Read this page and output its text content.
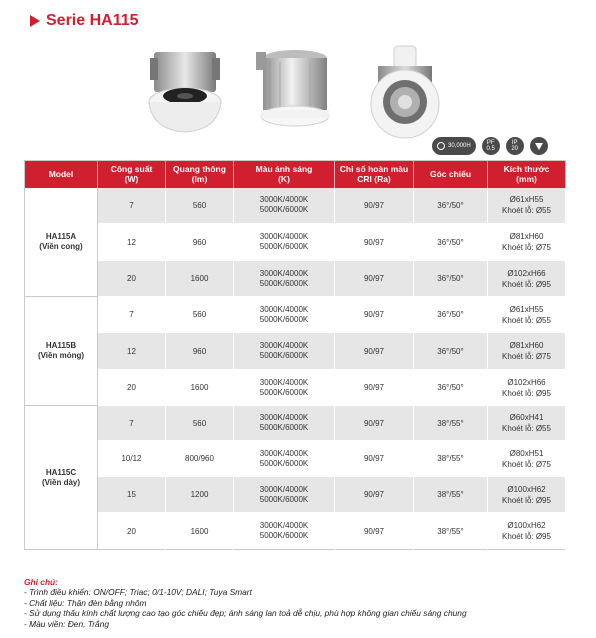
Serie HA115
30,000H	PF
0.5
IP
20
Model	Công suất
(W)	Quang thông
(lm)	Màu ánh sáng
(K)	Chỉ số hoàn màu
CRI (Ra)	Góc chiếu	Kích thước
(mm)
HA115A
(Viền cong)	7	560	3000K/4000K
5000K/6000K	90/97	36°/50°	Ø61xH55
Khoét lỗ: Ø55
	12	960	3000K/4000K
5000K/6000K	90/97	36°/50°	Ø81xH60
Khoét lỗ: Ø75
	20	1600	3000K/4000K
5000K/6000K	90/97	36°/50°	Ø102xH66
Khoét lỗ: Ø95
HA115B
(Viền mỏng)	7	560	3000K/4000K
5000K/6000K	90/97	36°/50°	Ø61xH55
Khoét lỗ: Ø55
	12	960	3000K/4000K
5000K/6000K	90/97	36°/50°	Ø81xH60
Khoét lỗ: Ø75
	20	1600	3000K/4000K
5000K/6000K	90/97	36°/50°	Ø102xH66
Khoét lỗ: Ø95
HA115C
(Viền dày)	7	560	3000K/4000K
5000K/6000K	90/97	38°/55°	Ø60xH41
Khoét lỗ: Ø55
	10/12	800/960	3000K/4000K
5000K/6000K	90/97	38°/55°	Ø80xH51
Khoét lỗ: Ø75
	15	1200	3000K/4000K
5000K/6000K	90/97	38°/55°	Ø100xH62
Khoét lỗ: Ø95
	20	1600	3000K/4000K
5000K/6000K	90/97	38°/55°	Ø100xH62
Khoét lỗ: Ø95
Ghi chú:
- Trình điều khiển: ON/OFF; Triac; 0/1-10V; DALI; Tuya Smart
- Chất liệu: Thân đèn bằng nhôm
- Sử dụng thấu kính chất lượng cao tạo góc chiếu đẹp; ánh sáng lan toả dễ chịu, phù hợp không gian chiếu sáng chung
- Màu viền: Đen, Trắng
